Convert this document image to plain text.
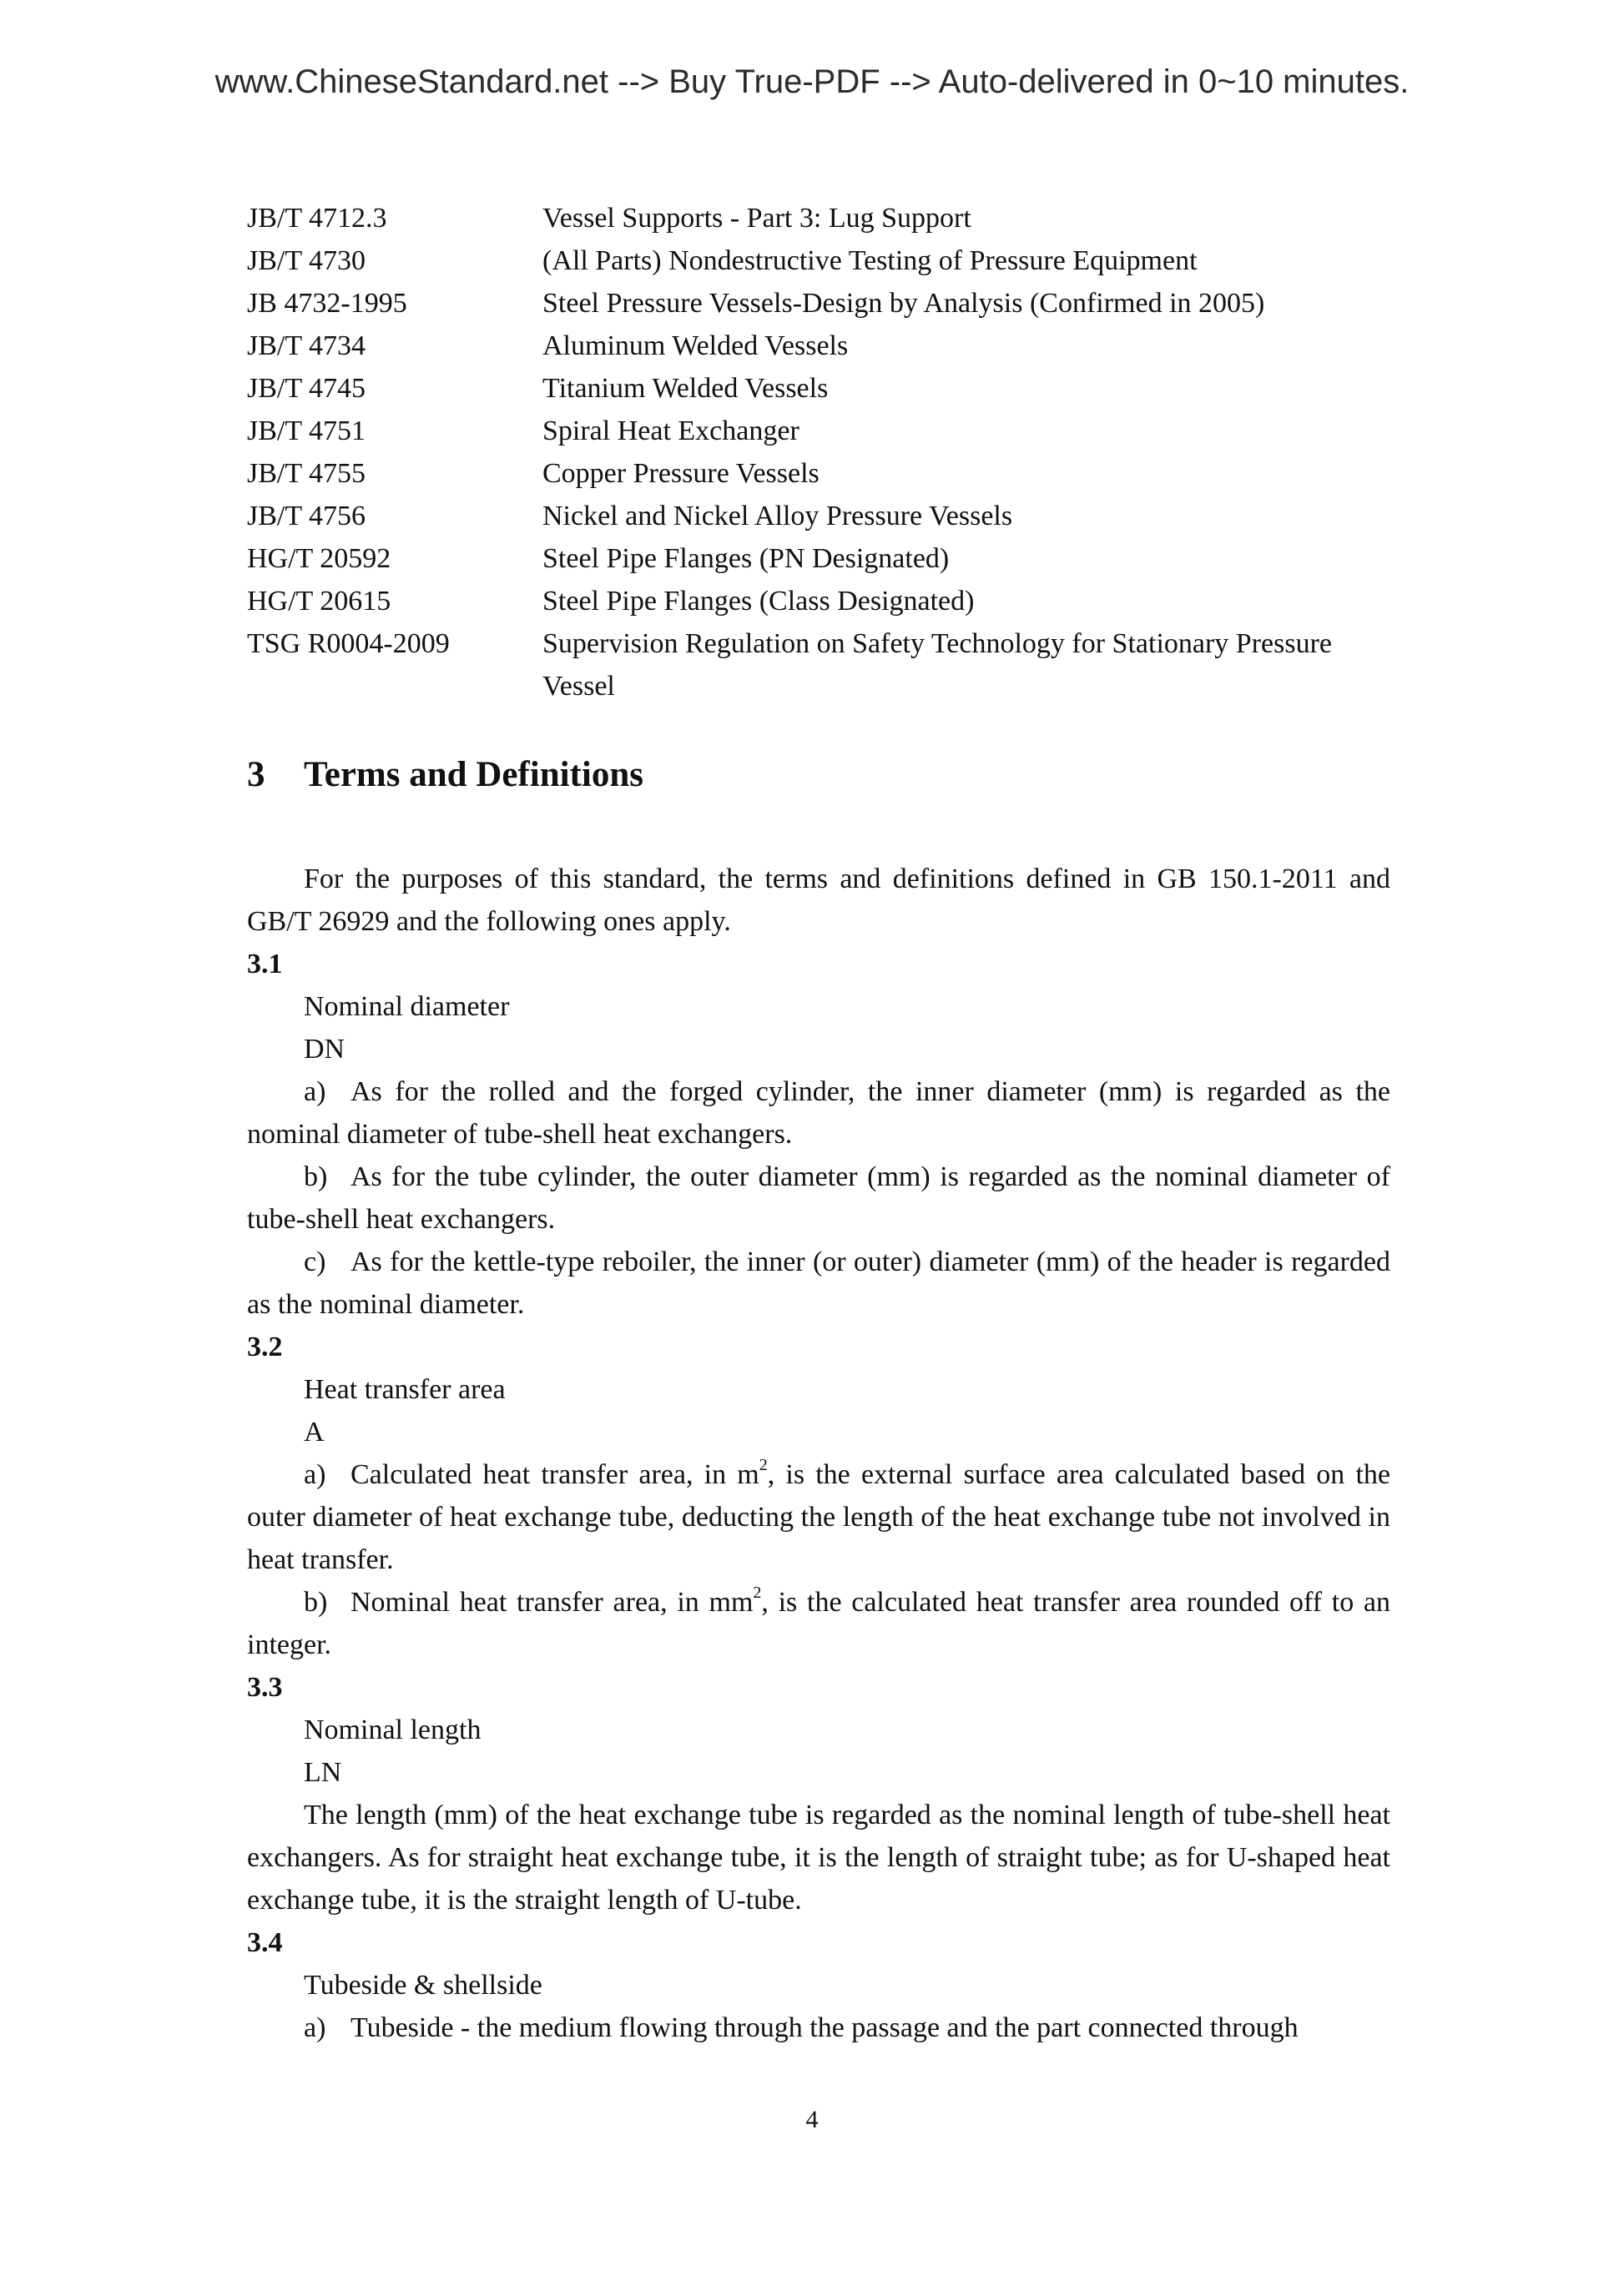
www.ChineseStandard.net --> Buy True-PDF --> Auto-delivered in 0~10 minutes.
JB/T 4712.3	Vessel Supports - Part 3: Lug Support
JB/T 4730	(All Parts) Nondestructive Testing of Pressure Equipment
JB 4732-1995	Steel Pressure Vessels-Design by Analysis (Confirmed in 2005)
JB/T 4734	Aluminum Welded Vessels
JB/T 4745	Titanium Welded Vessels
JB/T 4751	Spiral Heat Exchanger
JB/T 4755	Copper Pressure Vessels
JB/T 4756	Nickel and Nickel Alloy Pressure Vessels
HG/T 20592	Steel Pipe Flanges (PN Designated)
HG/T 20615	Steel Pipe Flanges (Class Designated)
TSG R0004-2009	Supervision Regulation on Safety Technology for Stationary Pressure Vessel
3	Terms and Definitions

For the purposes of this standard, the terms and definitions defined in GB 150.1-2011 and GB/T 26929 and the following ones apply.

3.1

Nominal diameter

DN

a) As for the rolled and the forged cylinder, the inner diameter (mm) is regarded as the nominal diameter of tube-shell heat exchangers.

b) As for the tube cylinder, the outer diameter (mm) is regarded as the nominal diameter of tube-shell heat exchangers.

c) As for the kettle-type reboiler, the inner (or outer) diameter (mm) of the header is regarded as the nominal diameter.

3.2

Heat transfer area

A

a) Calculated heat transfer area, in $m^2$, is the external surface area calculated based on the outer diameter of heat exchange tube, deducting the length of the heat exchange tube not involved in heat transfer.

b) Nominal heat transfer area, in $mm^2$, is the calculated heat transfer area rounded off to an integer.

3.3

Nominal length

LN

The length (mm) of the heat exchange tube is regarded as the nominal length of tube-shell heat exchangers. As for straight heat exchange tube, it is the length of straight tube; as for U-shaped heat exchange tube, it is the straight length of U-tube.

3.4

Tubeside & shellside

a) Tubeside - the medium flowing through the passage and the part connected through

4
